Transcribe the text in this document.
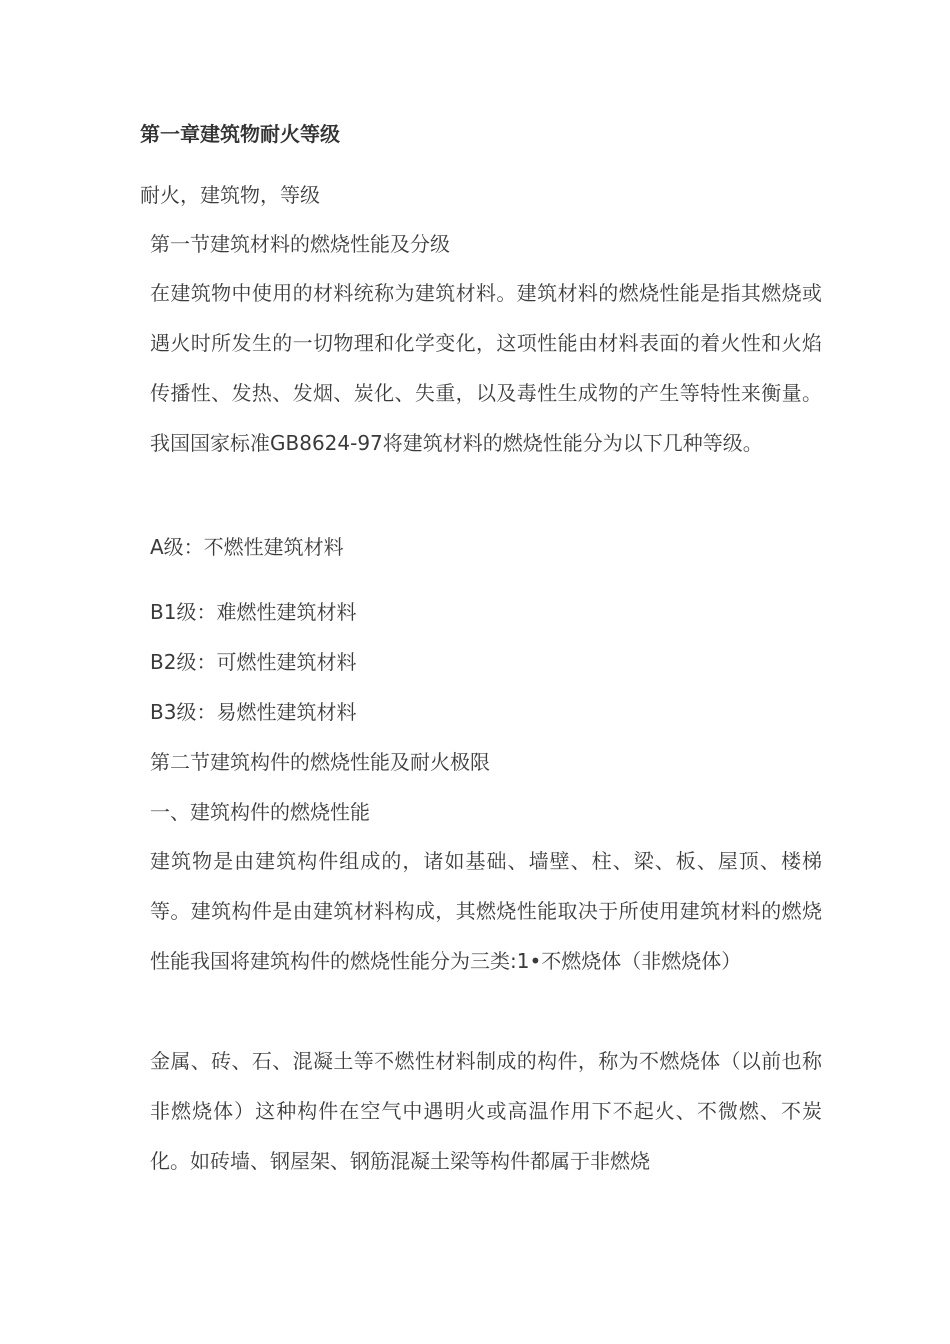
第一章建筑物耐火等级
耐火，建筑物，等级
第一节建筑材料的燃烧性能及分级
在建筑物中使用的材料统称为建筑材料。建筑材料的燃烧性能是指其燃烧或遇火时所发生的一切物理和化学变化，这项性能由材料表面的着火性和火焰传播性、发热、发烟、炭化、失重，以及毒性生成物的产生等特性来衡量。我国国家标准GB8624-97将建筑材料的燃烧性能分为以下几种等级。
A级：不燃性建筑材料
B1级：难燃性建筑材料
B2级：可燃性建筑材料
B3级：易燃性建筑材料
第二节建筑构件的燃烧性能及耐火极限
一、建筑构件的燃烧性能
建筑物是由建筑构件组成的，诸如基础、墙壁、柱、梁、板、屋顶、楼梯等。建筑构件是由建筑材料构成，其燃烧性能取决于所使用建筑材料的燃烧性能我国将建筑构件的燃烧性能分为三类:1•不燃烧体（非燃烧体）
金属、砖、石、混凝土等不燃性材料制成的构件，称为不燃烧体（以前也称非燃烧体）这种构件在空气中遇明火或高温作用下不起火、不微燃、不炭化。如砖墙、钢屋架、钢筋混凝土梁等构件都属于非燃烧
